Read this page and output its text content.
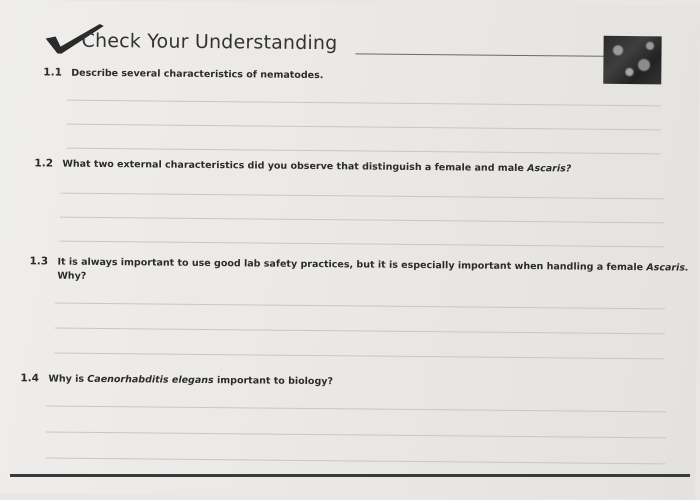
Check Your Understanding
1.1 Describe several characteristics of nematodes.
1.2 What two external characteristics did you observe that distinguish a female and male Ascaris?
1.3 It is always important to use good lab safety practices, but it is especially important when handling a female Ascaris.
Why?
1.4 Why is Caenorhabditis elegans important to biology?
